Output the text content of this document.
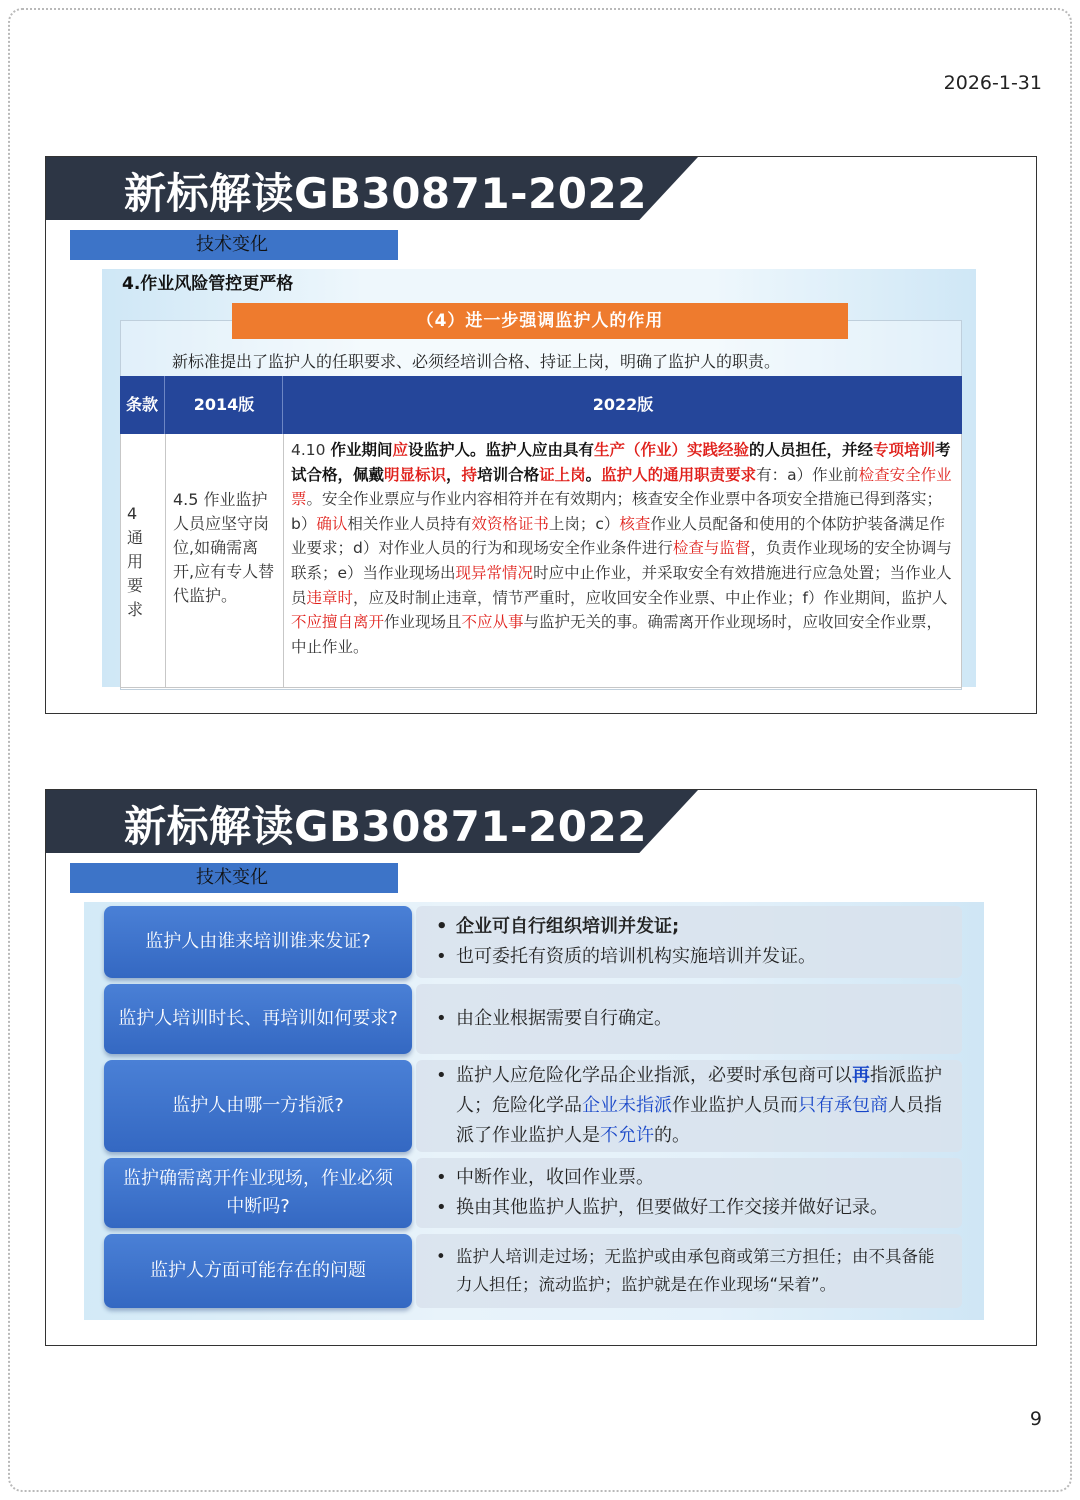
2026-1-31
新标解读GB30871-2022
技术变化
4.作业风险管控更严格
（4）进一步强调监护人的作用
新标准提出了监护人的任职要求、必须经培训合格、持证上岗，明确了监护人的职责。
条款	2014版	2022版
4
通
用
要
求
4.5 作业监护人员应坚守岗位,如确需离开,应有专人替代监护。
4.10 作业期间应设监护人。监护人应由具有生产（作业）实践经验的人员担任，并经专项培训考试合格，佩戴明显标识，持培训合格证上岗。监护人的通用职责要求有：a）作业前检查安全作业票。安全作业票应与作业内容相符并在有效期内；核查安全作业票中各项安全措施已得到落实；b）确认相关作业人员持有效资格证书上岗；c）核查作业人员配备和使用的个体防护装备满足作业要求；d）对作业人员的行为和现场安全作业条件进行检查与监督，负责作业现场的安全协调与联系；e）当作业现场出现异常情况时应中止作业，并采取安全有效措施进行应急处置；当作业人员违章时，应及时制止违章，情节严重时，应收回安全作业票、中止作业；f）作业期间，监护人不应擅自离开作业现场且不应从事与监护无关的事。确需离开作业现场时，应收回安全作业票，中止作业。
新标解读GB30871-2022
技术变化
监护人由谁来培训谁来发证?
• 企业可自行组织培训并发证;
• 也可委托有资质的培训机构实施培训并发证。
监护人培训时长、再培训如何要求?
•	由企业根据需要自行确定。
监护人由哪一方指派?
• 监护人应危险化学品企业指派，必要时承包商可以再指派监护人；危险化学品企业未指派作业监护人员而只有承包商人员指派了作业监护人是不允许的。
监护确需离开作业现场，作业必须中断吗?
• 中断作业，收回作业票。
• 换由其他监护人监护，但要做好工作交接并做好记录。
监护人方面可能存在的问题
• 监护人培训走过场；无监护或由承包商或第三方担任；由不具备能力人担任；流动监护；监护就是在作业现场“呆着”。
9
